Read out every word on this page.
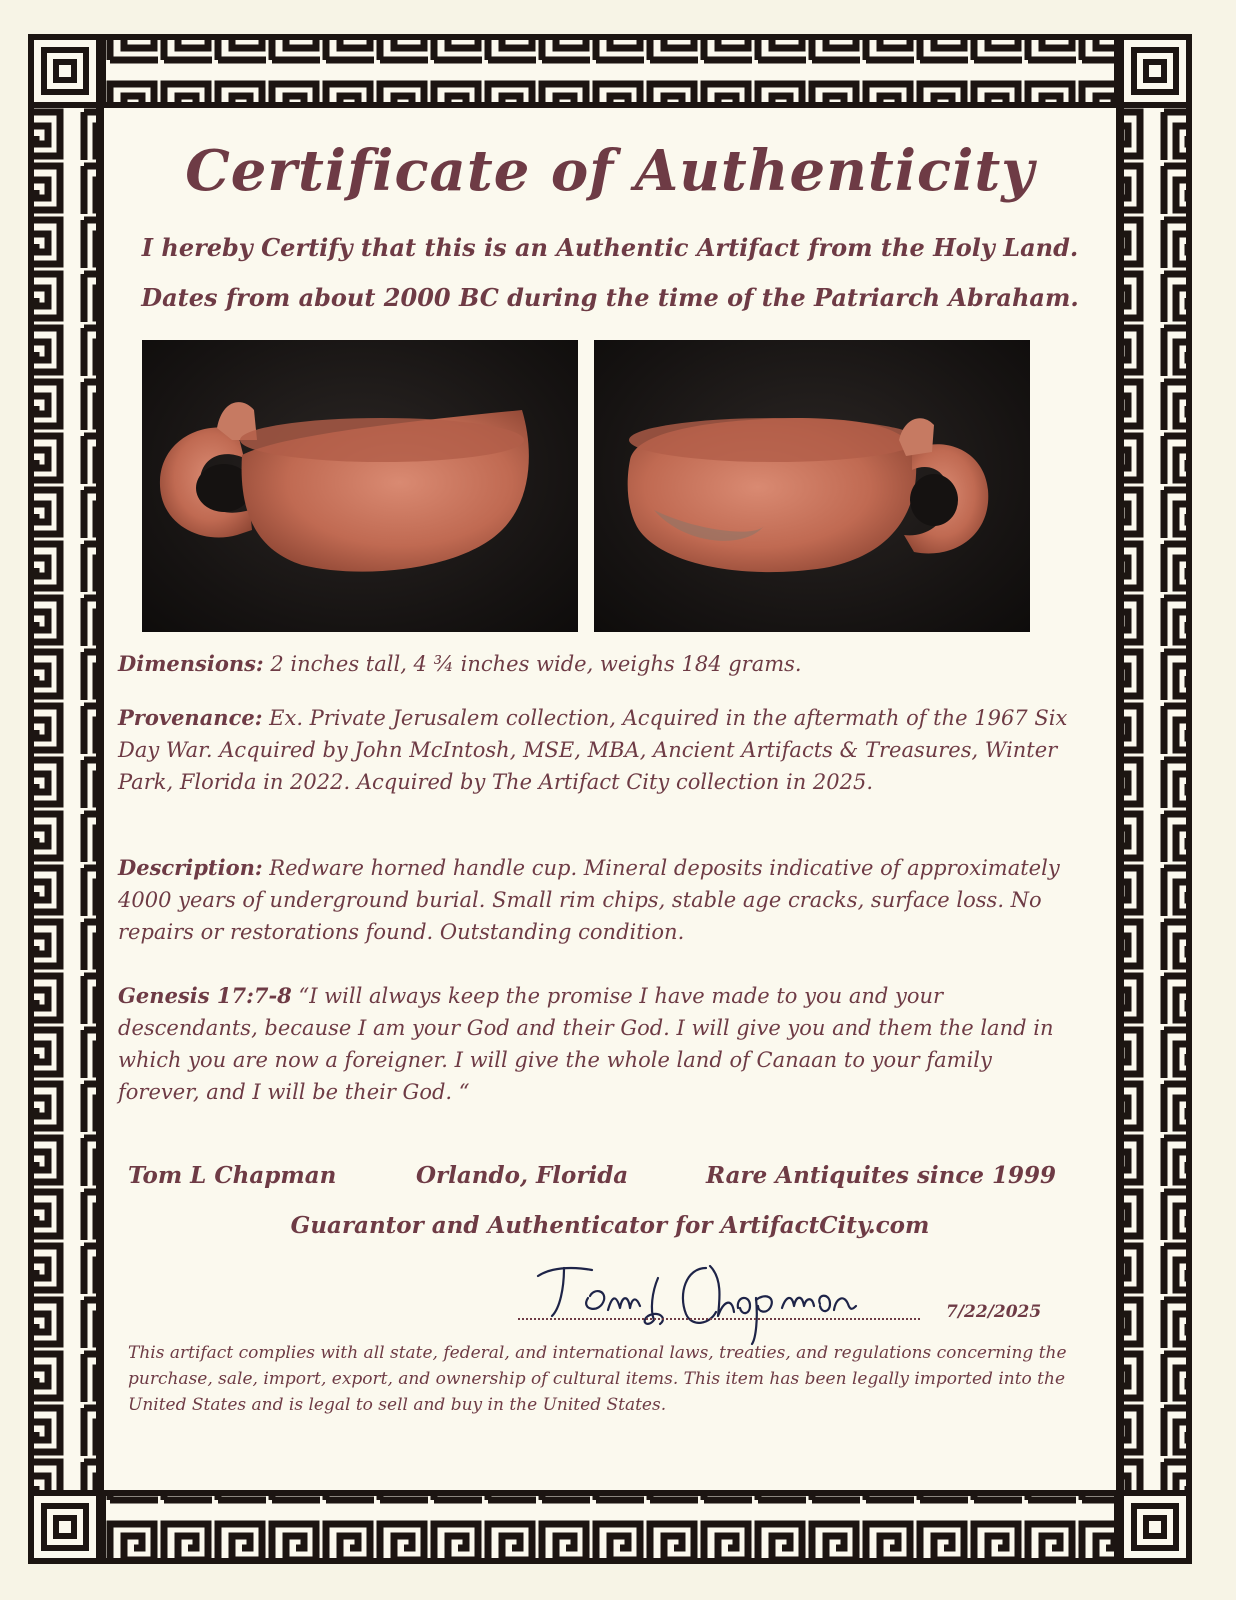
Certificate of Authenticity
I hereby Certify that this is an Authentic Artifact from the Holy Land.
Dates from about 2000 BC during the time of the Patriarch Abraham.
Dimensions: 2 inches tall, 4 ¾ inches wide, weighs 184 grams.
Provenance: Ex. Private Jerusalem collection, Acquired in the aftermath of the 1967 Six Day War. Acquired by John McIntosh, MSE, MBA, Ancient Artifacts & Treasures, Winter Park, Florida in 2022. Acquired by The Artifact City collection in 2025.
Description: Redware horned handle cup. Mineral deposits indicative of approximately 4000 years of underground burial. Small rim chips, stable age cracks, surface loss. No repairs or restorations found. Outstanding condition.
Genesis 17:7-8 “I will always keep the promise I have made to you and your descendants, because I am your God and their God. I will give you and them the land in which you are now a foreigner. I will give the whole land of Canaan to your family forever, and I will be their God. “
Tom L Chapman	Orlando, Florida	Rare Antiquites since 1999
Guarantor and Authenticator for ArtifactCity.com
7/22/2025
This artifact complies with all state, federal, and international laws, treaties, and regulations concerning the purchase, sale, import, export, and ownership of cultural items. This item has been legally imported into the United States and is legal to sell and buy in the United States.
